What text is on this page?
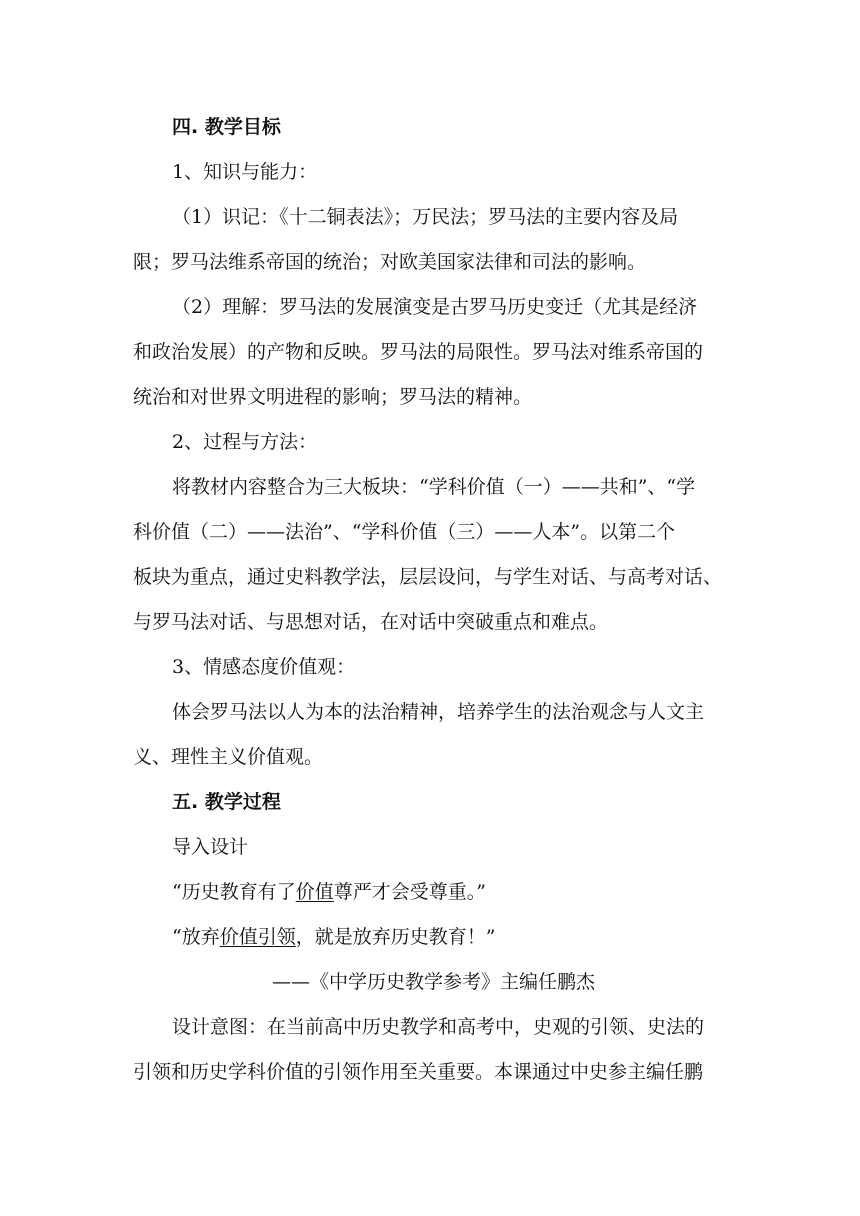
四. 教学目标
1、知识与能力：
（1）识记：《十二铜表法》；万民法；罗马法的主要内容及局
限；罗马法维系帝国的统治；对欧美国家法律和司法的影响。
（2）理解：罗马法的发展演变是古罗马历史变迁（尤其是经济
和政治发展）的产物和反映。罗马法的局限性。罗马法对维系帝国的
统治和对世界文明进程的影响；罗马法的精神。
2、过程与方法：
将教材内容整合为三大板块：“学科价值（一）——共和”、“学
科价值（二）——法治”、“学科价值（三）——人本”。以第二个
板块为重点，通过史料教学法，层层设问，与学生对话、与高考对话、
与罗马法对话、与思想对话，在对话中突破重点和难点。
3、情感态度价值观：
体会罗马法以人为本的法治精神，培养学生的法治观念与人文主
义、理性主义价值观。
五. 教学过程
导入设计
“历史教育有了价值尊严才会受尊重。”
“放弃价值引领，就是放弃历史教育！”
——《中学历史教学参考》主编任鹏杰
设计意图：在当前高中历史教学和高考中，史观的引领、史法的
引领和历史学科价值的引领作用至关重要。本课通过中史参主编任鹏
